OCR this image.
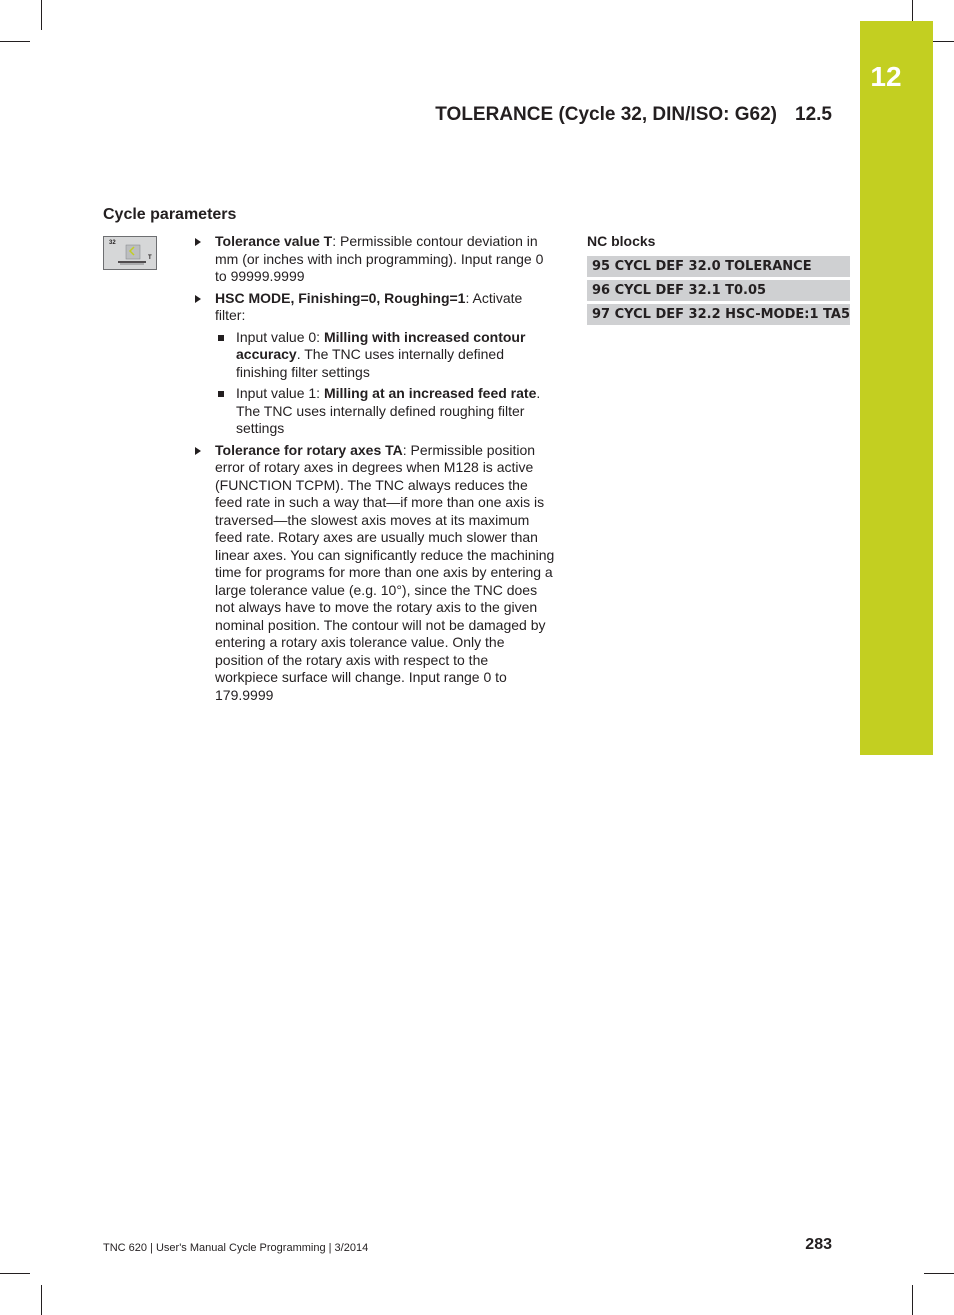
12
TOLERANCE (Cycle 32, DIN/ISO: G62) 12.5
Cycle parameters
32
T
Tolerance value T: Permissible contour deviation in mm (or inches with inch programming). Input range 0 to 99999.9999
HSC MODE, Finishing=0, Roughing=1: Activate filter:
Input value 0: Milling with increased contour accuracy. The TNC uses internally defined finishing filter settings
Input value 1: Milling at an increased feed rate. The TNC uses internally defined roughing filter settings
Tolerance for rotary axes TA: Permissible position error of rotary axes in degrees when M128 is active (FUNCTION TCPM). The TNC always reduces the feed rate in such a way that—if more than one axis is traversed—the slowest axis moves at its maximum feed rate. Rotary axes are usually much slower than linear axes. You can significantly reduce the machining time for programs for more than one axis by entering a large tolerance value (e.g. 10°), since the TNC does not always have to move the rotary axis to the given nominal position. The contour will not be damaged by entering a rotary axis tolerance value. Only the position of the rotary axis with respect to the workpiece surface will change. Input range 0 to 179.9999
NC blocks
95 CYCL DEF 32.0 TOLERANCE
96 CYCL DEF 32.1 T0.05
97 CYCL DEF 32.2 HSC-MODE:1 TA5
TNC 620 | User's Manual Cycle Programming | 3/2014	283
